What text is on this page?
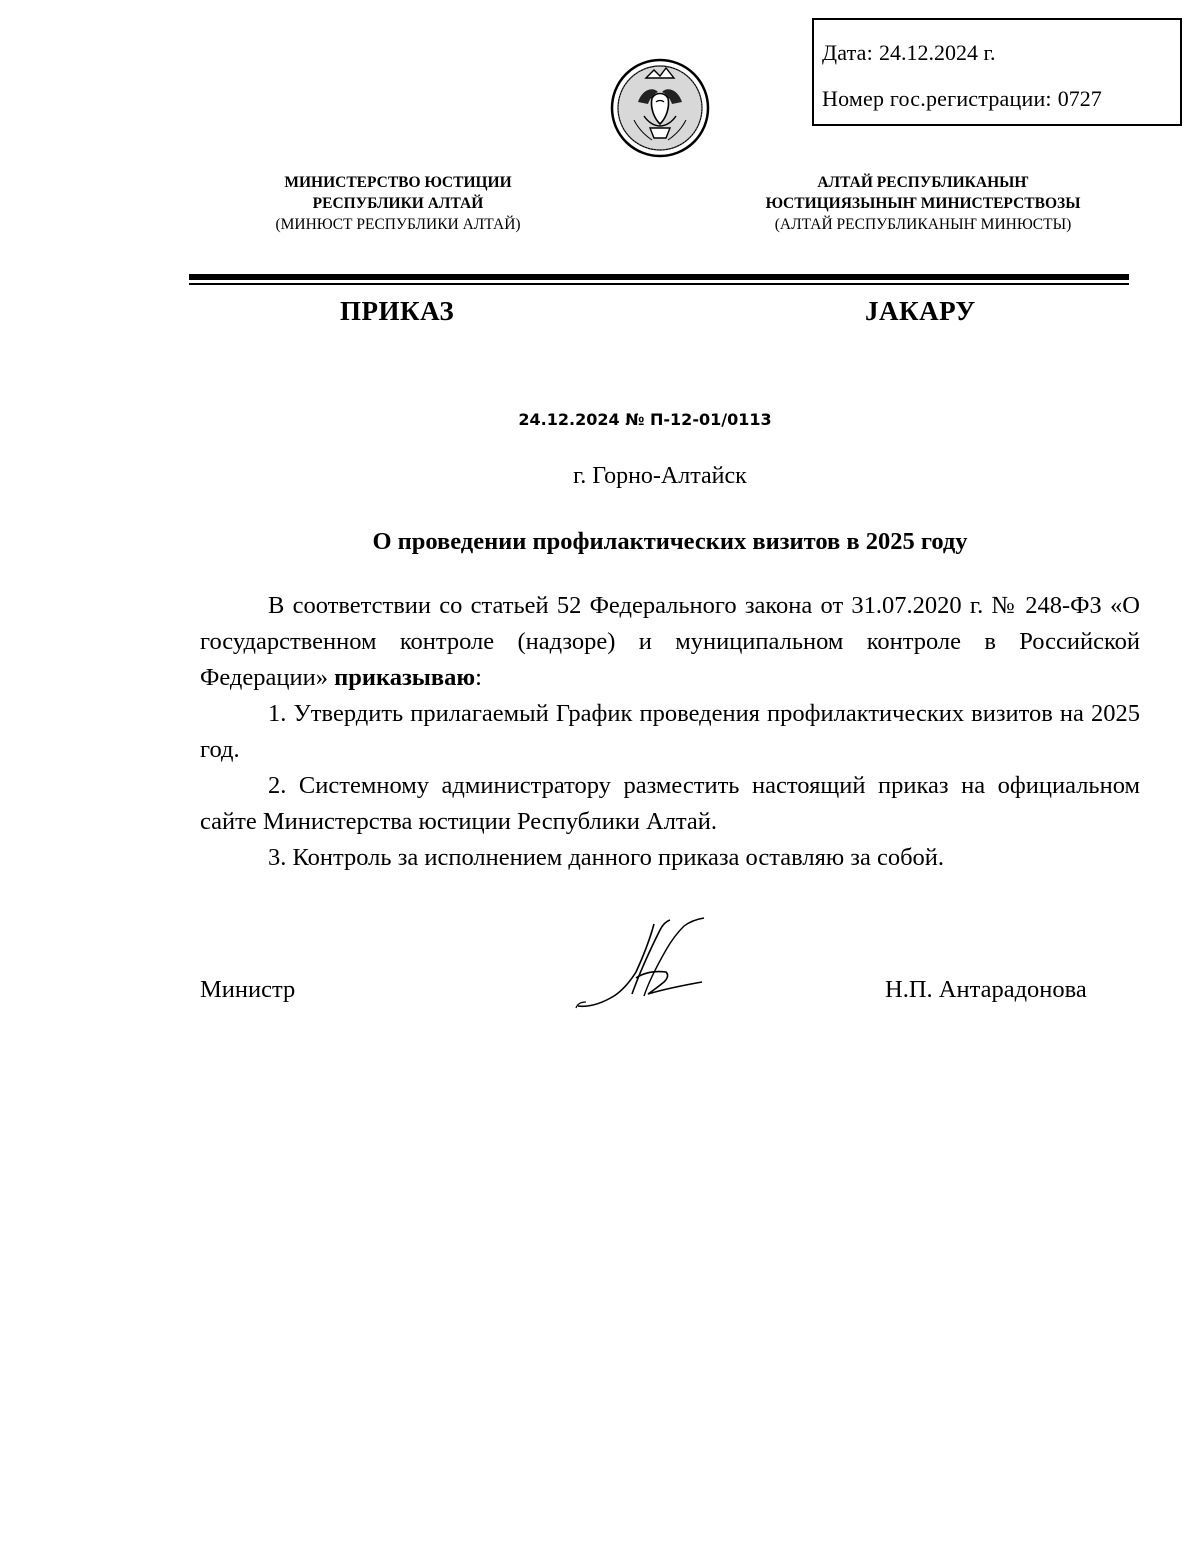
Дата: 24.12.2024 г.
Номер гос.регистрации: 0727
МИНИСТЕРСТВО ЮСТИЦИИ
РЕСПУБЛИКИ АЛТАЙ
(МИНЮСТ РЕСПУБЛИКИ АЛТАЙ)
АЛТАЙ РЕСПУБЛИКАНЫҤ
ЮСТИЦИЯЗЫНЫҤ МИНИСТЕРСТВОЗЫ
(АЛТАЙ РЕСПУБЛИКАНЫҤ МИНЮСТЫ)
ПРИКАЗ	ЈАКАРУ
24.12.2024 № П-12-01/0113
г. Горно-Алтайск
О проведении профилактических визитов в 2025 году

В соответствии со статьей 52 Федерального закона от 31.07.2020 г. № 248-ФЗ «О государственном контроле (надзоре) и муниципальном контроле в Российской Федерации» приказываю:

1. Утвердить прилагаемый График проведения профилактических визитов на 2025 год.

2. Системному администратору разместить настоящий приказ на официальном сайте Министерства юстиции Республики Алтай.

3. Контроль за исполнением данного приказа оставляю за собой.

Министр	Н.П. Антарадонова
